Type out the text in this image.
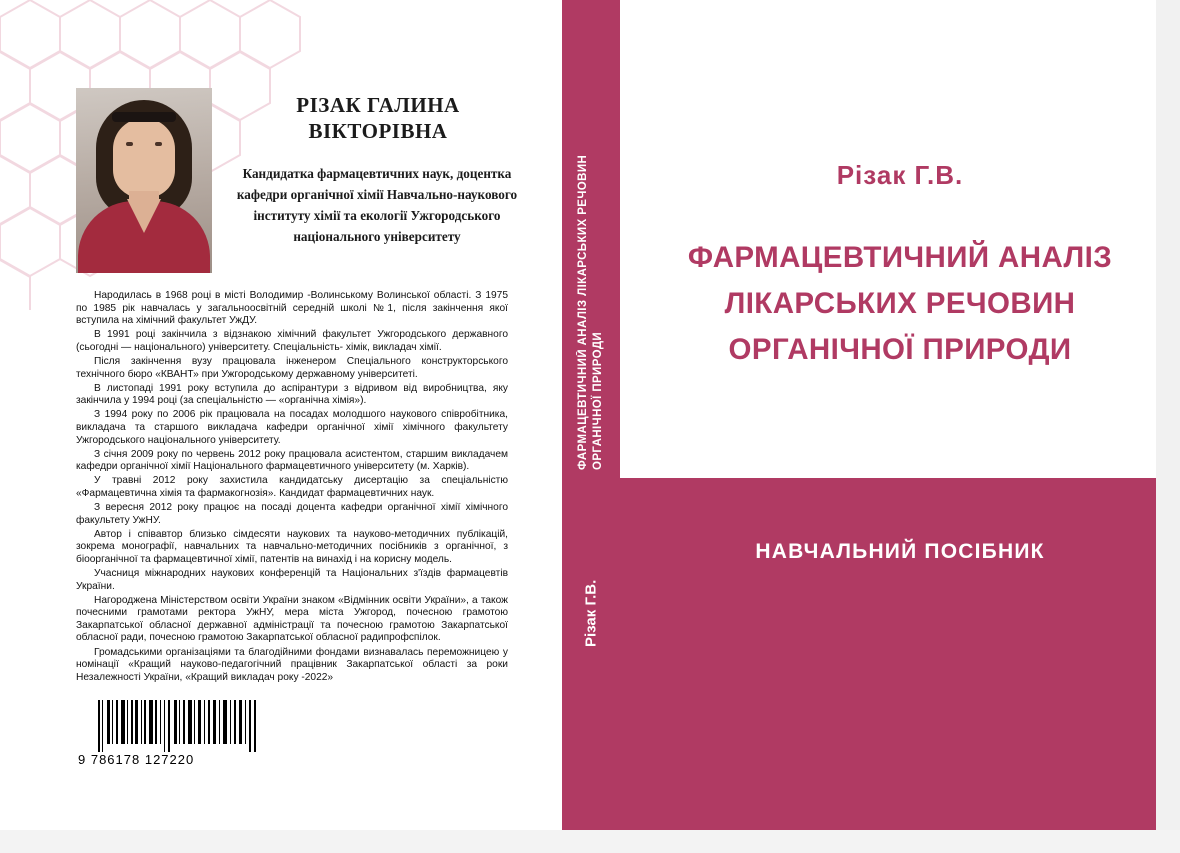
РІЗАК ГАЛИНА ВІКТОРІВНА
Кандидатка фармацевтичних наук, доцентка кафедри органічної хімії Навчально-наукового інституту хімії та екології Ужгородського національного університету

Народилась в 1968 році в місті Володимир -Волинському Волинської області. З 1975 по 1985 рік навчалась у загальноосвітній середній школі №1, після закінчення якої вступила на хімічний факультет УжДУ.

В 1991 році закінчила з відзнакою хімічний факультет Ужгородського державного (сьогодні — національного) університету. Спеціальність- хімік, викладач хімії.

Після закінчення вузу працювала інженером Спеціального конструкторського технічного бюро «КВАНТ» при Ужгородському державному університеті.

В листопаді 1991 року вступила до аспірантури з відривом від виробництва, яку закінчила у 1994 році (за спеціальністю — «органічна хімія»).

З 1994 року по 2006 рік працювала на посадах молодшого наукового співробітника, викладача та старшого викладача кафедри органічної хімії хімічного факультету Ужгородського національного університету.

З січня 2009 року по червень 2012 року працювала асистентом, старшим викладачем кафедри органічної хімії Національного фармацевтичного університету (м. Харків).

У травні 2012 року захистила кандидатську дисертацію за спеціальністю «Фармацевтична хімія та фармакогнозія». Кандидат фармацевтичних наук.

З вересня 2012 року працює на посаді доцента кафедри органічної хімії хімічного факультету УжНУ.

Автор і співавтор близько сімдесяти наукових та науково-методичних публікацій, зокрема монографії, навчальних та навчально-методичних посібників з органічної, з біоорганічної та фармацевтичної хімії, патентів на винахід і на корисну модель.

Учасниця міжнародних наукових конференцій та Національних з'їздів фармацевтів України.

Нагороджена Міністерством освіти України знаком «Відмінник освіти України», а також почесними грамотами ректора УжНУ, мера міста Ужгород, почесною грамотою Закарпатської обласної державної адміністрації та почесною грамотою Закарпатської обласної ради, почесною грамотою Закарпатської обласної радипрофспілок.

Громадськими організаціями та благодійними фондами визнавалась переможницею у номінації «Кращий науково-педагогічний працівник Закарпатської області за роки Незалежності України, «Кращий викладач року -2022»

9 786178 127220
ФАРМАЦЕВТИЧНИЙ АНАЛІЗ ЛІКАРСЬКИХ РЕЧОВИН ОРГАНІЧНОЇ ПРИРОДИ
Різак Г.В.
Різак Г.В.
ФАРМАЦЕВТИЧНИЙ АНАЛІЗ ЛІКАРСЬКИХ РЕЧОВИН ОРГАНІЧНОЇ ПРИРОДИ
НАВЧАЛЬНИЙ ПОСІБНИК
